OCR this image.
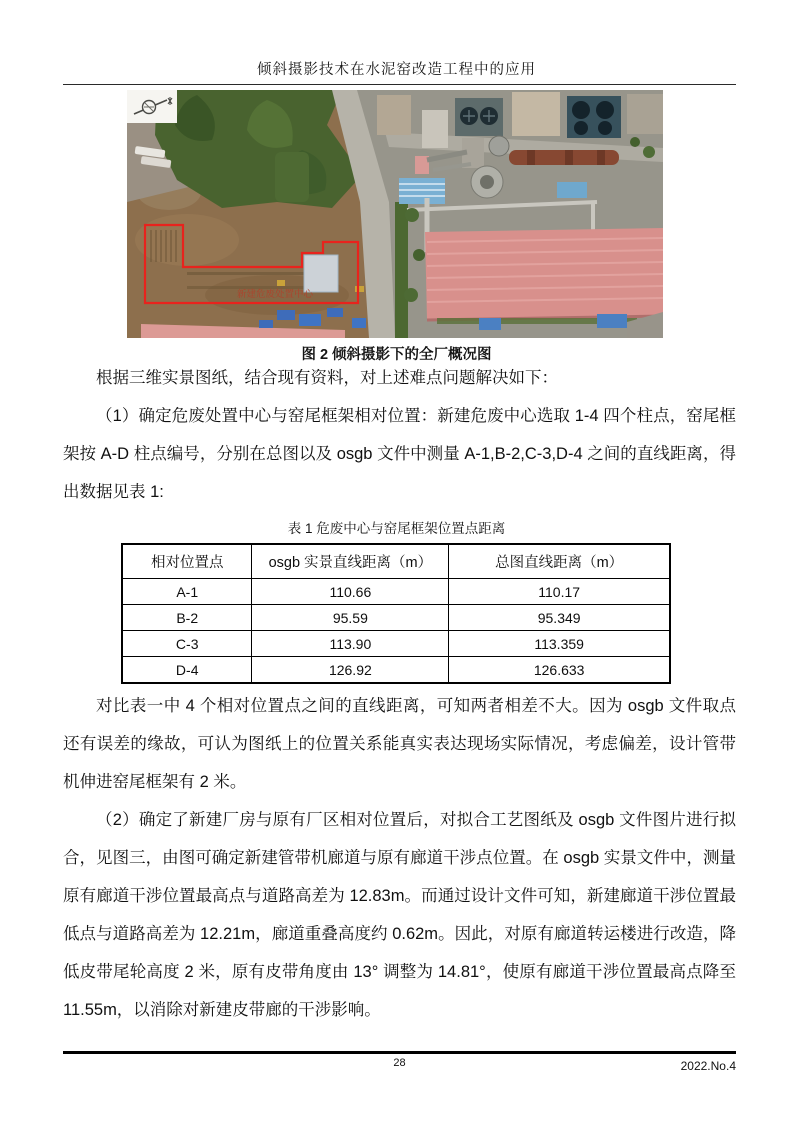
倾斜摄影技术在水泥窑改造工程中的应用
新建危废处置中心
图 2 倾斜摄影下的全厂概况图
根据三维实景图纸，结合现有资料，对上述难点问题解决如下：
（1）确定危废处置中心与窑尾框架相对位置：新建危废中心选取 1-4 四个柱点，窑尾框架按 A-D 柱点编号，分别在总图以及 osgb 文件中测量 A-1,B-2,C-3,D-4 之间的直线距离，得出数据见表 1:
表 1 危废中心与窑尾框架位置点距离
相对位置点	osgb 实景直线距离（m）	总图直线距离（m）
A-1	110.66	110.17
B-2	95.59	95.349
C-3	113.90	113.359
D-4	126.92	126.633
对比表一中 4 个相对位置点之间的直线距离，可知两者相差不大。因为 osgb 文件取点还有误差的缘故，可认为图纸上的位置关系能真实表达现场实际情况，考虑偏差，设计管带机伸进窑尾框架有 2 米。
（2）确定了新建厂房与原有厂区相对位置后，对拟合工艺图纸及 osgb 文件图片进行拟合，见图三，由图可确定新建管带机廊道与原有廊道干涉点位置。在 osgb 实景文件中，测量原有廊道干涉位置最高点与道路高差为 12.83m。而通过设计文件可知，新建廊道干涉位置最低点与道路高差为 12.21m，廊道重叠高度约 0.62m。因此，对原有廊道转运楼进行改造，降低皮带尾轮高度 2 米，原有皮带角度由 13° 调整为 14.81°，使原有廊道干涉位置最高点降至 11.55m，以消除对新建皮带廊的干涉影响。
28	2022.No.4
